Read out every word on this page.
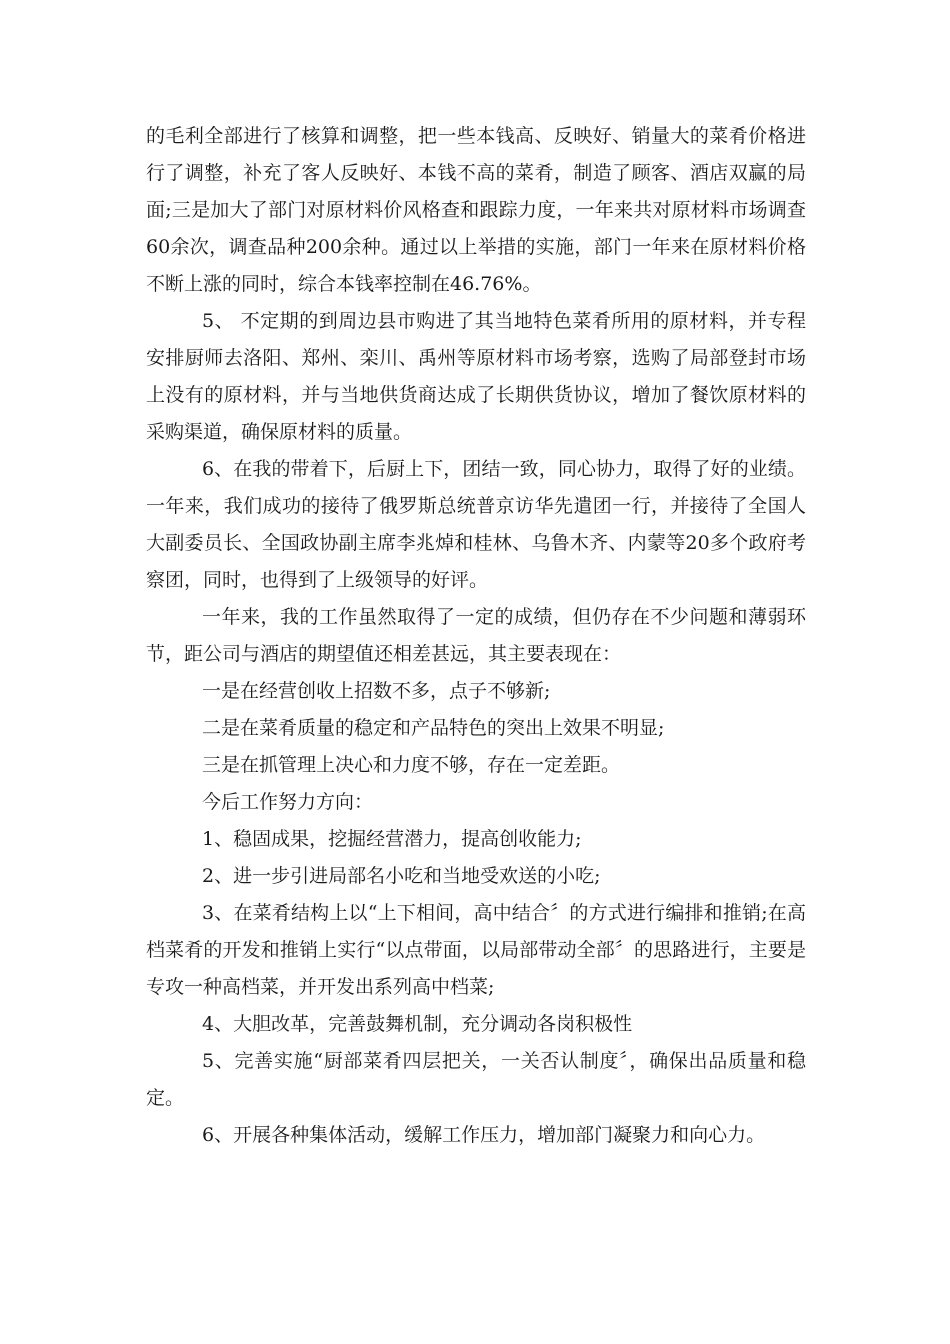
的毛利全部进行了核算和调整，把一些本钱高、反映好、销量大的菜肴价格进行了调整，补充了客人反映好、本钱不高的菜肴，制造了顾客、酒店双赢的局面;三是加大了部门对原材料价风格查和跟踪力度，一年来共对原材料市场调查60余次，调查品种200余种。通过以上举措的实施，部门一年来在原材料价格不断上涨的同时，综合本钱率控制在46.76%。

5、 不定期的到周边县市购进了其当地特色菜肴所用的原材料，并专程安排厨师去洛阳、郑州、栾川、禹州等原材料市场考察，选购了局部登封市场上没有的原材料，并与当地供货商达成了长期供货协议，增加了餐饮原材料的采购渠道，确保原材料的质量。

6、在我的带着下，后厨上下，团结一致，同心协力，取得了好的业绩。一年来，我们成功的接待了俄罗斯总统普京访华先遣团一行，并接待了全国人大副委员长、全国政协副主席李兆焯和桂林、乌鲁木齐、内蒙等20多个政府考察团，同时，也得到了上级领导的好评。

一年来，我的工作虽然取得了一定的成绩，但仍存在不少问题和薄弱环节，距公司与酒店的期望值还相差甚远，其主要表现在：

一是在经营创收上招数不多，点子不够新;

二是在菜肴质量的稳定和产品特色的突出上效果不明显;

三是在抓管理上决心和力度不够，存在一定差距。

今后工作努力方向：

1、稳固成果，挖掘经营潜力，提高创收能力;

2、进一步引进局部名小吃和当地受欢送的小吃;

3、在菜肴结构上以“上下相间，高中结合〞的方式进行编排和推销;在高档菜肴的开发和推销上实行“以点带面，以局部带动全部〞的思路进行，主要是专攻一种高档菜，并开发出系列高中档菜;

4、大胆改革，完善鼓舞机制，充分调动各岗积极性

5、完善实施“厨部菜肴四层把关，一关否认制度〞，确保出品质量和稳定。

6、开展各种集体活动，缓解工作压力，增加部门凝聚力和向心力。
